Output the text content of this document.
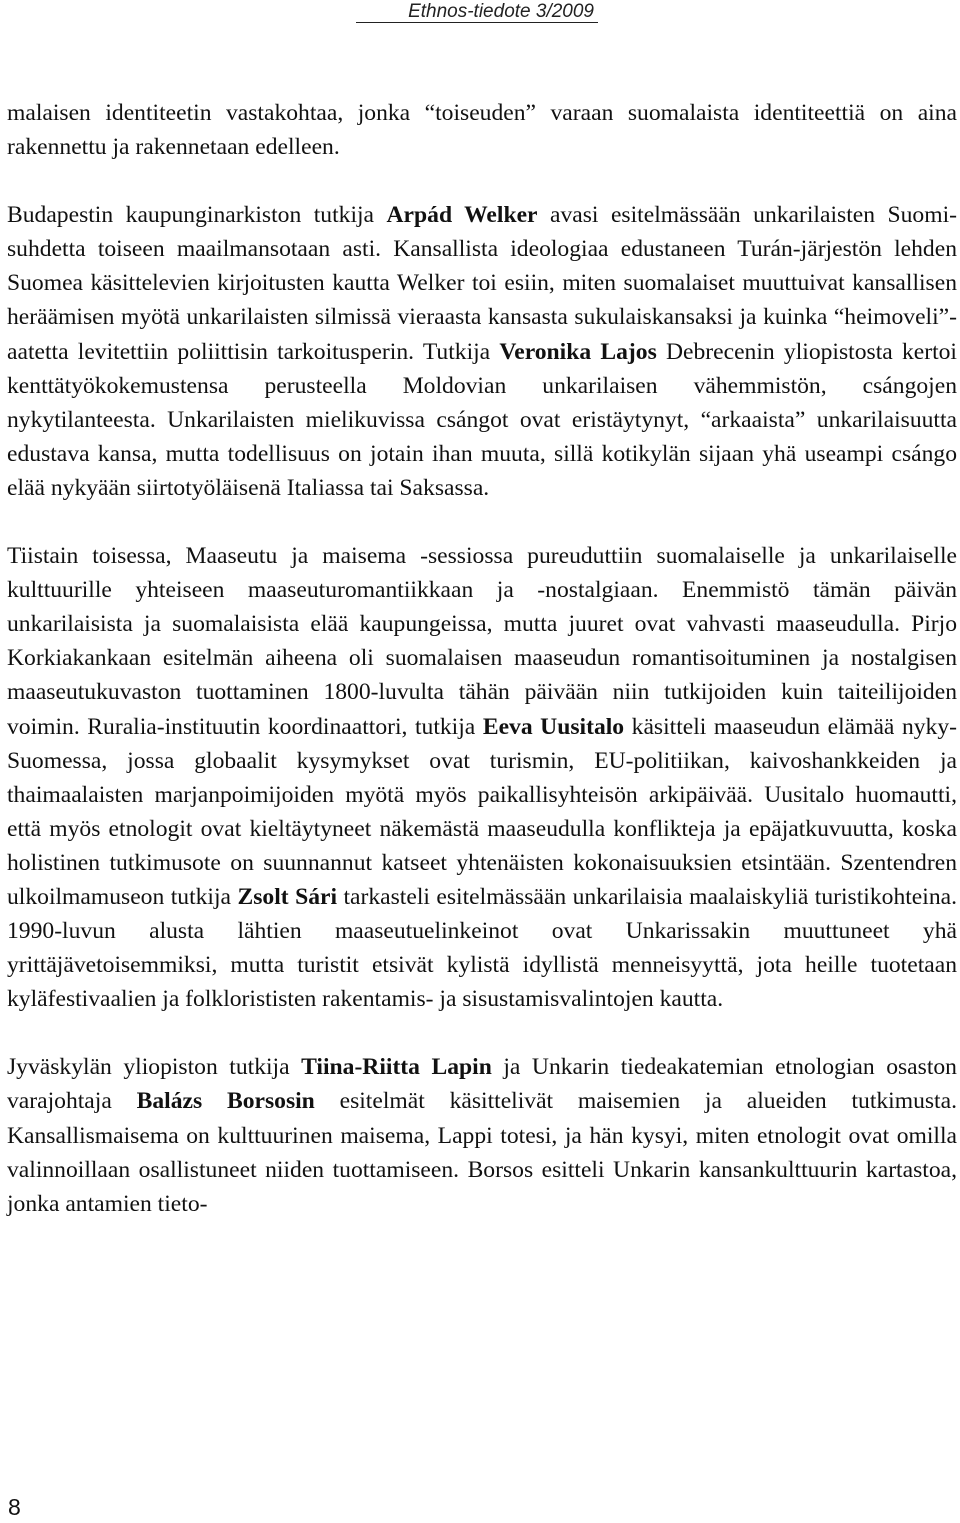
Ethnos-tiedote 3/2009

malaisen identiteetin vastakohtaa, jonka “toiseuden” varaan suomalaista identiteettiä on aina rakennettu ja rakennetaan edelleen.

Budapestin kaupunginarkiston tutkija Arpád Welker avasi esitelmässään unkarilaisten Suomi-suhdetta toiseen maailmansotaan asti. Kansallista ideologiaa edustaneen Turán-järjestön lehden Suomea käsittelevien kirjoitusten kautta Welker toi esiin, miten suomalaiset muuttuivat kansallisen heräämisen myötä unkarilaisten silmissä vieraasta kansasta sukulaiskansaksi ja kuinka “heimoveli”-aatetta levitettiin poliittisin tarkoitusperin. Tutkija Veronika Lajos Debrecenin yliopistosta kertoi kenttätyökokemustensa perusteella Moldovian unkarilaisen vähemmistön, csángojen nykytilanteesta. Unkarilaisten mielikuvissa csángot ovat eristäytynyt, “arkaaista” unkarilaisuutta edustava kansa, mutta todellisuus on jotain ihan muuta, sillä kotikylän sijaan yhä useampi csángo elää nykyään siirtotyöläisenä Italiassa tai Saksassa.

Tiistain toisessa, Maaseutu ja maisema -sessiossa pureuduttiin suomalaiselle ja unkarilaiselle kulttuurille yhteiseen maaseuturomantiikkaan ja -nostalgiaan. Enemmistö tämän päivän unkarilaisista ja suomalaisista elää kaupungeissa, mutta juuret ovat vahvasti maaseudulla. Pirjo Korkiakankaan esitelmän aiheena oli suomalaisen maaseudun romantisoituminen ja nostalgisen maaseutukuvaston tuottaminen 1800-luvulta tähän päivään niin tutkijoiden kuin taiteilijoiden voimin. Ruralia-instituutin koordinaattori, tutkija Eeva Uusitalo käsitteli maaseudun elämää nyky-Suomessa, jossa globaalit kysymykset ovat turismin, EU-politiikan, kaivoshankkeiden ja thaimaalaisten marjanpoimijoiden myötä myös paikallisyhteisön arkipäivää. Uusitalo huomautti, että myös etnologit ovat kieltäytyneet näkemästä maaseudulla konflikteja ja epäjatkuvuutta, koska holistinen tutkimusote on suunnannut katseet yhtenäisten kokonaisuuksien etsintään. Szentendren ulkoilmamuseon tutkija Zsolt Sári tarkasteli esitelmässään unkarilaisia maalaiskyliä turistikohteina. 1990-luvun alusta lähtien maaseutuelinkeinot ovat Unkarissakin muuttuneet yhä yrittäjävetoisemmiksi, mutta turistit etsivät kylistä idyllistä menneisyyttä, jota heille tuotetaan kyläfestivaalien ja folklorististen rakentamis- ja sisustamisvalintojen kautta.

Jyväskylän yliopiston tutkija Tiina-Riitta Lapin ja Unkarin tiedeakatemian etnologian osaston varajohtaja Balázs Borsosin esitelmät käsittelivät maisemien ja alueiden tutkimusta. Kansallismaisema on kulttuurinen maisema, Lappi totesi, ja hän kysyi, miten etnologit ovat omilla valinnoillaan osallistuneet niiden tuottamiseen. Borsos esitteli Unkarin kansankulttuurin kartastoa, jonka antamien tieto-

8
